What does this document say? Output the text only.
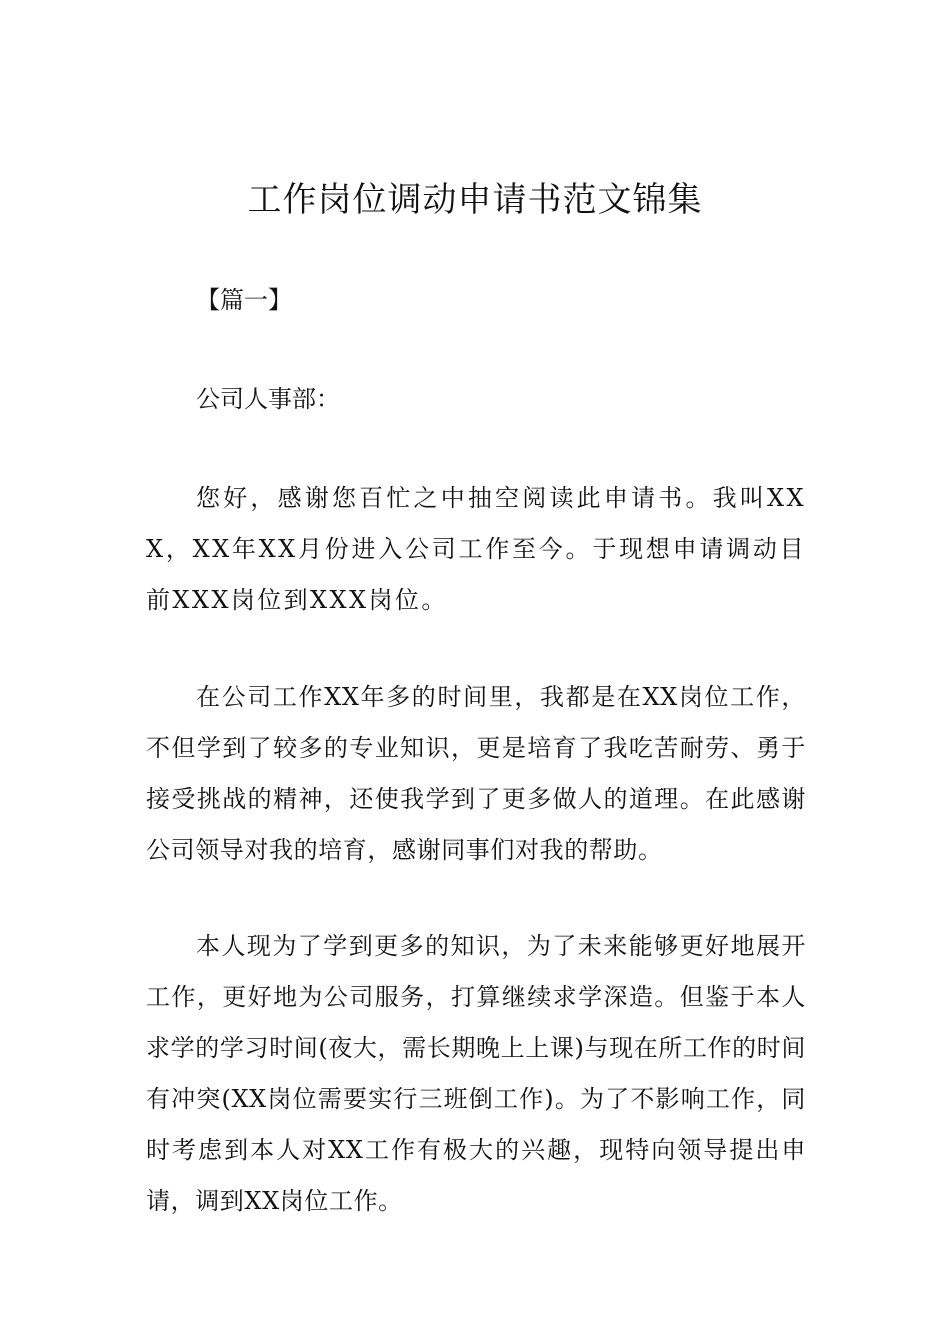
工作岗位调动申请书范文锦集
【篇一】

公司人事部：

您好，感谢您百忙之中抽空阅读此申请书。我叫XXX，XX年XX月份进入公司工作至今。于现想申请调动目前XXX岗位到XXX岗位。

在公司工作XX年多的时间里，我都是在XX岗位工作，不但学到了较多的专业知识，更是培育了我吃苦耐劳、勇于接受挑战的精神，还使我学到了更多做人的道理。在此感谢公司领导对我的培育，感谢同事们对我的帮助。

本人现为了学到更多的知识，为了未来能够更好地展开工作，更好地为公司服务，打算继续求学深造。但鉴于本人求学的学习时间(夜大，需长期晚上上课)与现在所工作的时间有冲突(XX岗位需要实行三班倒工作)。为了不影响工作，同时考虑到本人对XX工作有极大的兴趣，现特向领导提出申请，调到XX岗位工作。
